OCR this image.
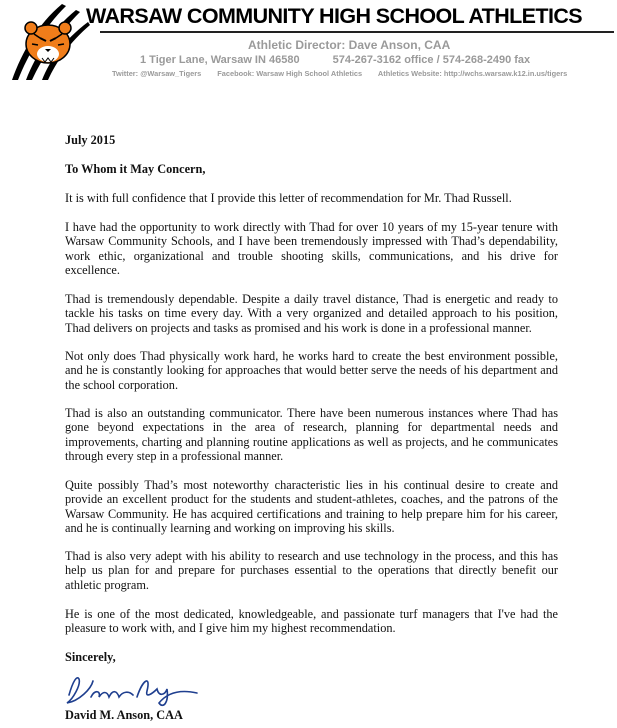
WARSAW COMMUNITY HIGH SCHOOL ATHLETICS
Athletic Director: Dave Anson, CAA
1 Tiger Lane, Warsaw IN 46580	574-267-3162 office / 574-268-2490 fax
Twitter: @Warsaw_Tigers Facebook: Warsaw High School Athletics Athletics Website: http://wchs.warsaw.k12.in.us/tigers

July 2015

To Whom it May Concern,

It is with full confidence that I provide this letter of recommendation for Mr. Thad Russell.

I have had the opportunity to work directly with Thad for over 10 years of my 15-year tenure with Warsaw Community Schools, and I have been tremendously impressed with Thad’s dependability, work ethic, organizational and trouble shooting skills, communications, and his drive for excellence.

Thad is tremendously dependable. Despite a daily travel distance, Thad is energetic and ready to tackle his tasks on time every day. With a very organized and detailed approach to his position, Thad delivers on projects and tasks as promised and his work is done in a professional manner.

Not only does Thad physically work hard, he works hard to create the best environment possible, and he is constantly looking for approaches that would better serve the needs of his department and the school corporation.

Thad is also an outstanding communicator. There have been numerous instances where Thad has gone beyond expectations in the area of research, planning for departmental needs and improvements, charting and planning routine applications as well as projects, and he communicates through every step in a professional manner.

Quite possibly Thad’s most noteworthy characteristic lies in his continual desire to create and provide an excellent product for the students and student-athletes, coaches, and the patrons of the Warsaw Community. He has acquired certifications and training to help prepare him for his career, and he is continually learning and working on improving his skills.

Thad is also very adept with his ability to research and use technology in the process, and this has help us plan for and prepare for purchases essential to the operations that directly benefit our athletic program.

He is one of the most dedicated, knowledgeable, and passionate turf managers that I've had the pleasure to work with, and I give him my highest recommendation.

Sincerely,

David M. Anson, CAA
